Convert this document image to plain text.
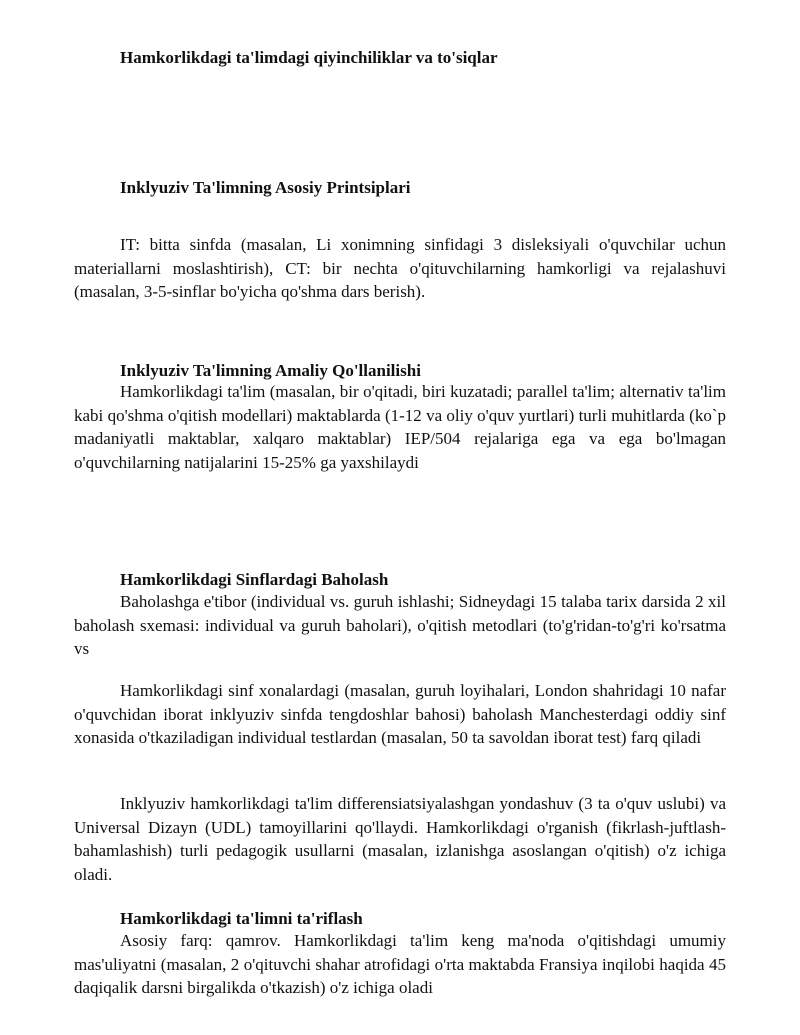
Hamkorlikdagi ta'limdagi qiyinchiliklar va to'siqlar
Inklyuziv Ta'limning Asosiy Printsiplari
IT: bitta sinfda (masalan, Li xonimning sinfidagi 3 disleksiyali o'quvchilar uchun materiallarni moslashtirish), CT: bir nechta o'qituvchilarning hamkorligi va rejalashuvi (masalan, 3-5-sinflar bo'yicha qo'shma dars berish).
Inklyuziv Ta'limning Amaliy Qo'llanilishi
Hamkorlikdagi ta'lim (masalan, bir o'qitadi, biri kuzatadi; parallel ta'lim; alternativ ta'lim kabi qo'shma o'qitish modellari) maktablarda (1-12 va oliy o'quv yurtlari) turli muhitlarda (ko`p madaniyatli maktablar, xalqaro maktablar) IEP/504 rejalariga ega va ega bo'lmagan o'quvchilarning natijalarini 15-25% ga yaxshilaydi
Hamkorlikdagi Sinflardagi Baholash
Baholashga e'tibor (individual vs. guruh ishlashi; Sidneydagi 15 talaba tarix darsida 2 xil baholash sxemasi: individual va guruh baholari), o'qitish metodlari (to'g'ridan-to'g'ri ko'rsatma vs
Hamkorlikdagi sinf xonalardagi (masalan, guruh loyihalari, London shahridagi 10 nafar o'quvchidan iborat inklyuziv sinfda tengdoshlar bahosi) baholash Manchesterdagi oddiy sinf xonasida o'tkaziladigan individual testlardan (masalan, 50 ta savoldan iborat test) farq qiladi
Inklyuziv hamkorlikdagi ta'lim differensiatsiyalashgan yondashuv (3 ta o'quv uslubi) va Universal Dizayn (UDL) tamoyillarini qo'llaydi. Hamkorlikdagi o'rganish (fikrlash-juftlash-bahamlashish) turli pedagogik usullarni (masalan, izlanishga asoslangan o'qitish) o'z ichiga oladi.
Hamkorlikdagi ta'limni ta'riflash
Asosiy farq: qamrov. Hamkorlikdagi ta'lim keng ma'noda o'qitishdagi umumiy mas'uliyatni (masalan, 2 o'qituvchi shahar atrofidagi o'rta maktabda Fransiya inqilobi haqida 45 daqiqalik darsni birgalikda o'tkazish) o'z ichiga oladi
